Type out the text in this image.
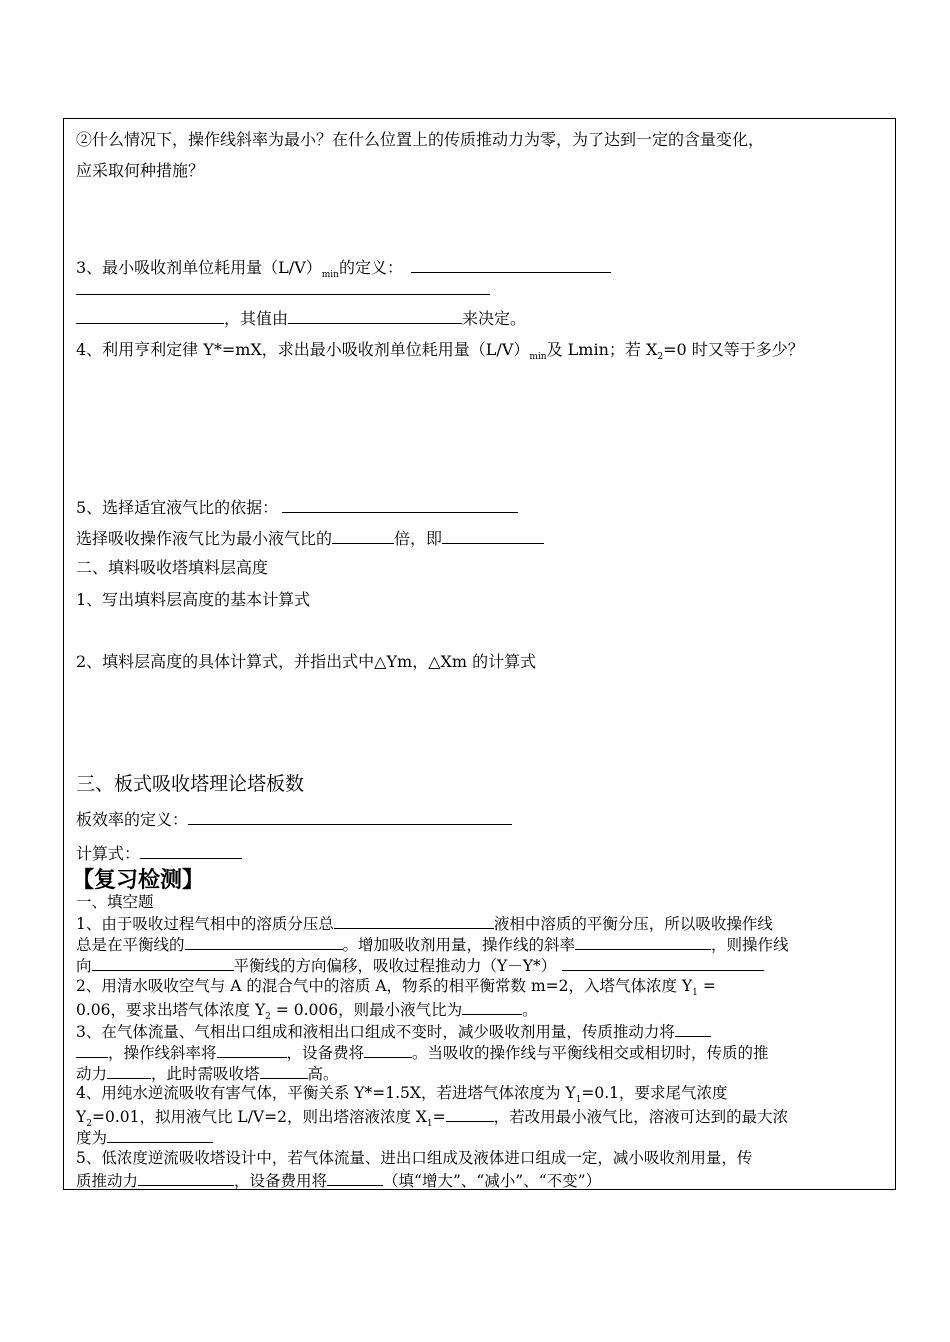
②什么情况下，操作线斜率为最小？在什么位置上的传质推动力为零，为了达到一定的含量变化，
应采取何种措施？
3、最小吸收剂单位耗用量$(L/V)_{min}$的定义：
，其值由	来决定。
4、利用亨利定律 Y*=mX，求出最小吸收剂单位耗用量$(L/V)_{min}$及 Lmin；若 $X_2=0$ 时又等于多少？
5、选择适宜液气比的依据：
选择吸收操作液气比为最小液气比的	倍，即
二、填料吸收塔填料层高度
1、写出填料层高度的基本计算式
2、填料层高度的具体计算式，并指出式中△Ym，△Xm 的计算式
三、板式吸收塔理论塔板数
板效率的定义：
计算式：
【复习检测】
一、填空题
1、由于吸收过程气相中的溶质分压总	液相中溶质的平衡分压，所以吸收操作线
总是在平衡线的	。增加吸收剂用量，操作线的斜率	，则操作线
向	平衡线的方向偏移，吸收过程推动力（Y－Y*）
2、用清水吸收空气与 A 的混合气中的溶质 A，物系的相平衡常数 m=2，入塔气体浓度 $Y_1$ =
0.06，要求出塔气体浓度 $Y_2 = 0.006$，则最小液气比为	。
3、在气体流量、气相出口组成和液相出口组成不变时，减少吸收剂用量，传质推动力将
，操作线斜率将	，设备费将	。当吸收的操作线与平衡线相交或相切时，传质的推
动力	，此时需吸收塔	高。
4、用纯水逆流吸收有害气体，平衡关系 Y*=1.5X，若进塔气体浓度为 $Y_1=0.1$，要求尾气浓度
$Y_2=0.01$，拟用液气比 L/V=2，则出塔溶液浓度 $X_1=$	，若改用最小液气比，溶液可达到的最大浓
度为
5、低浓度逆流吸收塔设计中，若气体流量、进出口组成及液体进口组成一定，减小吸收剂用量，传
质推动力	，设备费用将	（填“增大”、“减小”、“不变”）
